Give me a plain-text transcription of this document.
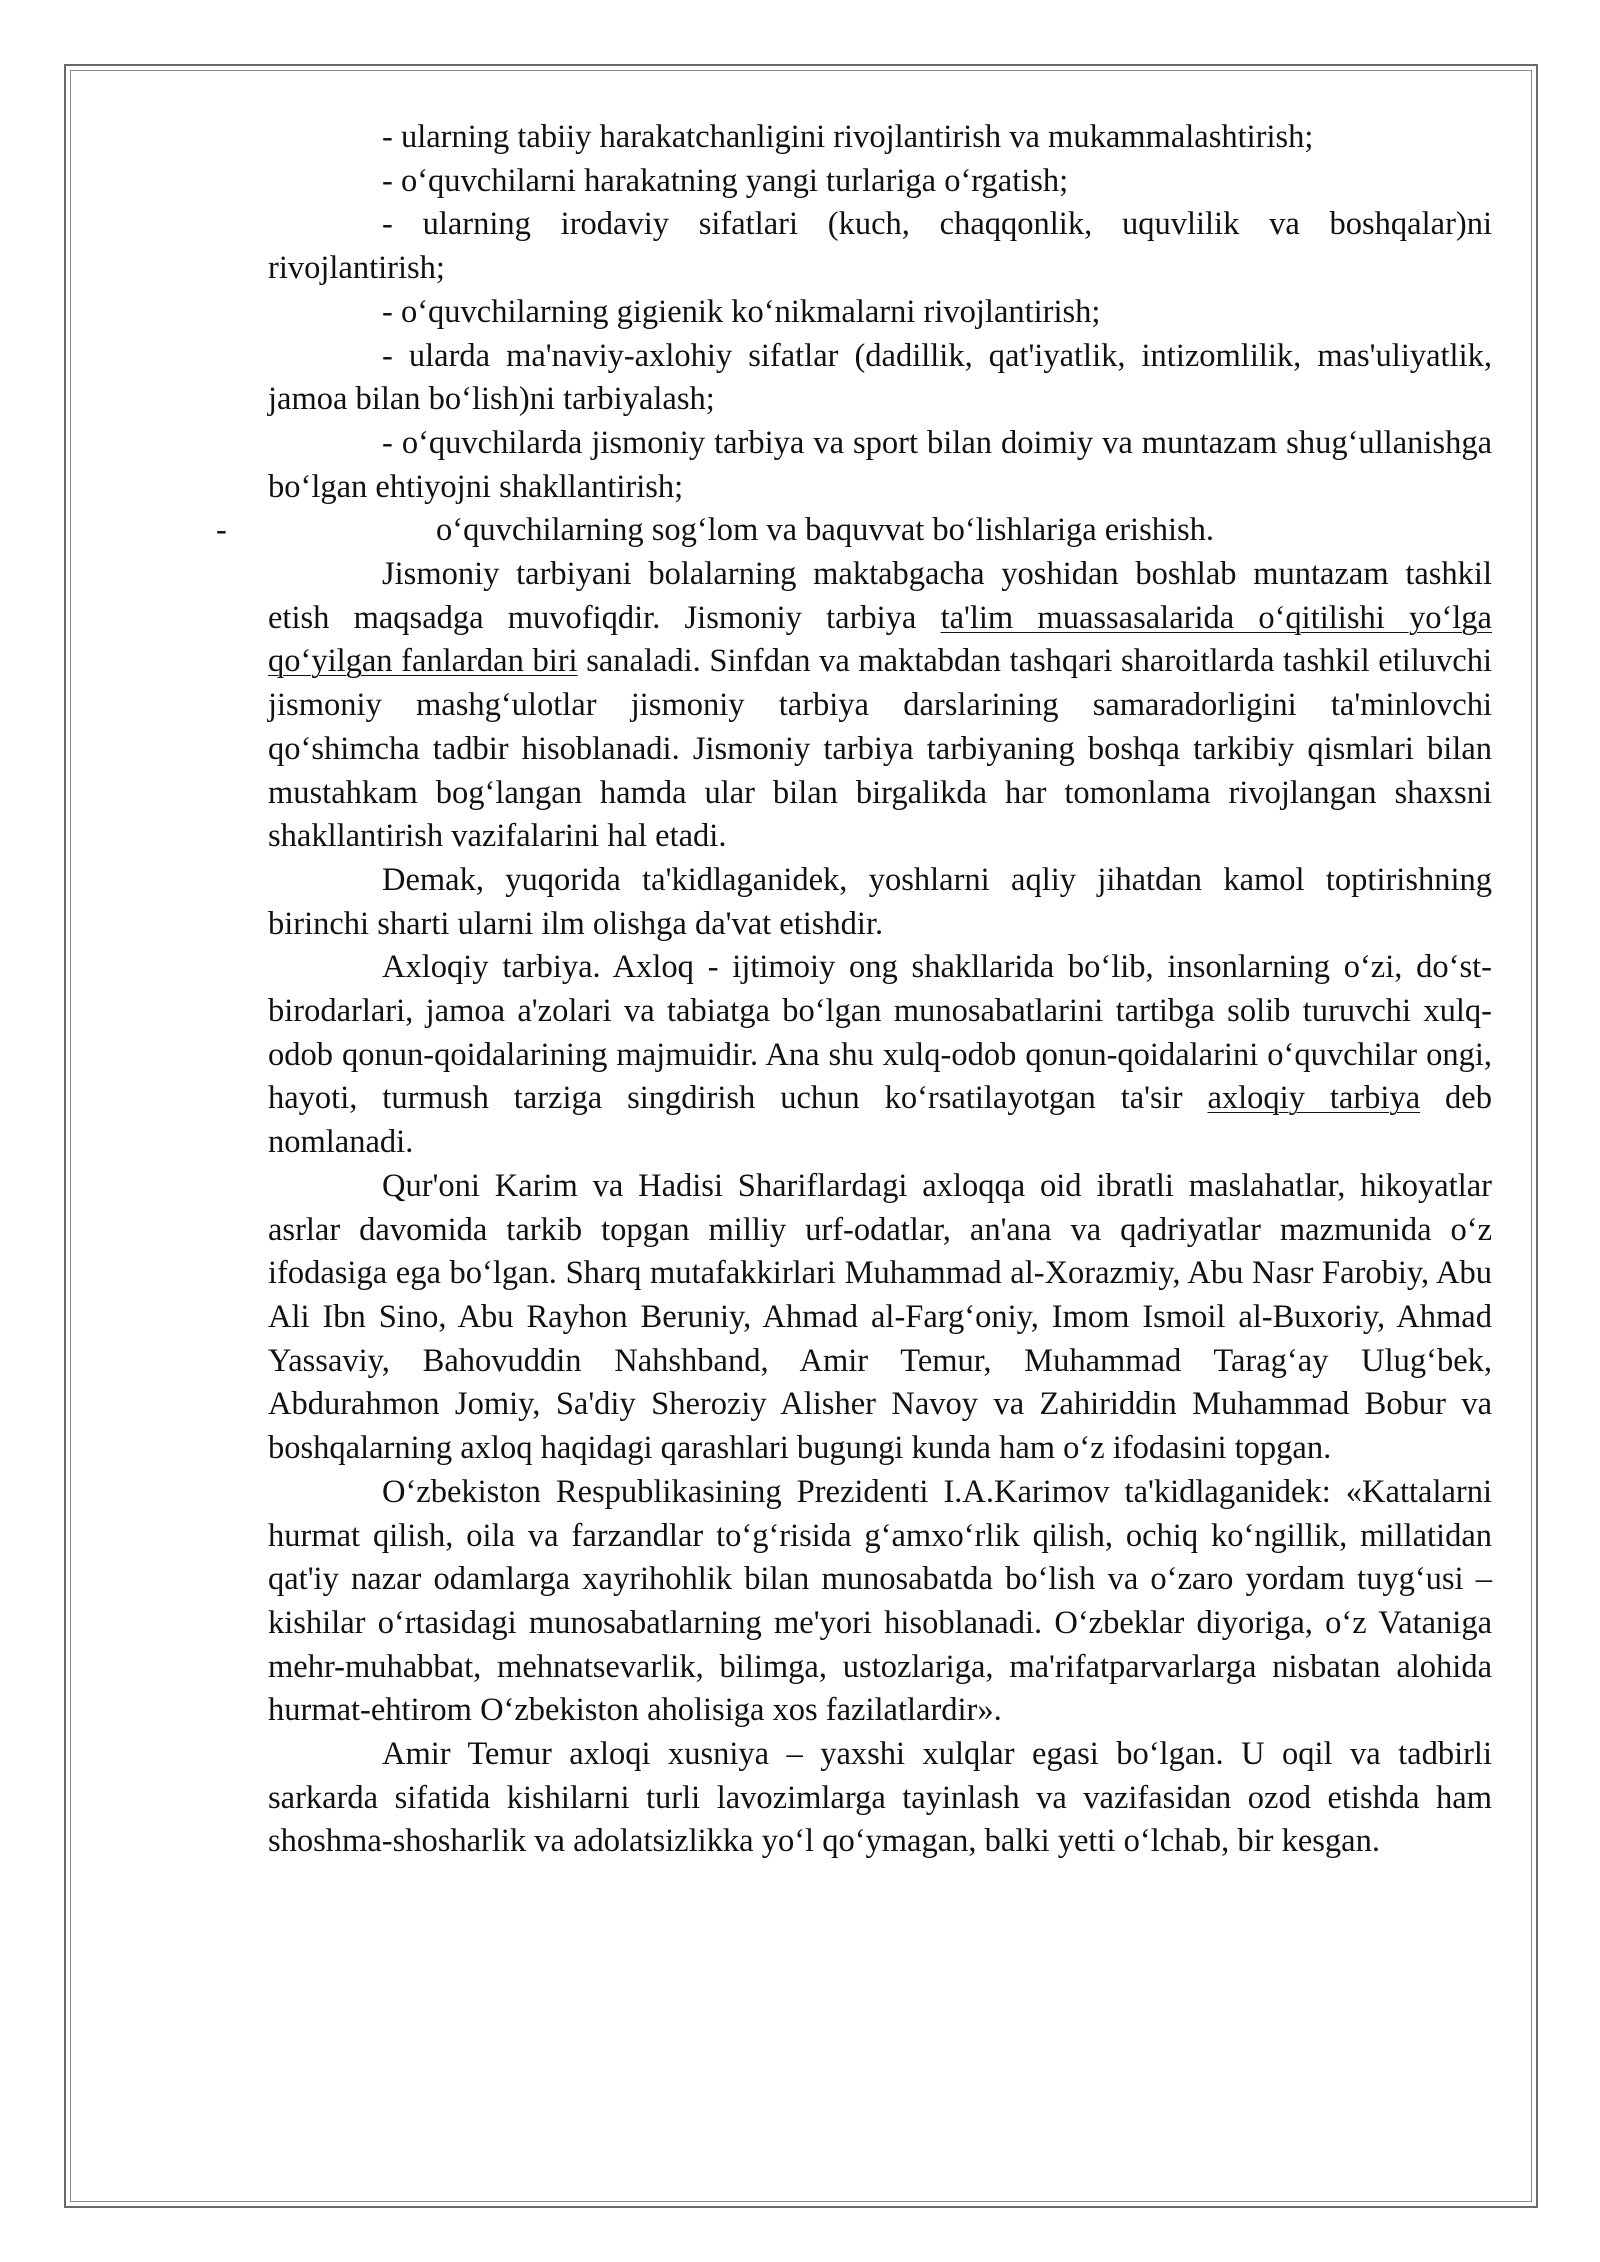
- ularning tabiiy harakatchanligini rivojlantirish va mukammalashtirish;

- o‘quvchilarni harakatning yangi turlariga o‘rgatish;

- ularning irodaviy sifatlari (kuch, chaqqonlik, uquvlilik va boshqalar)ni rivojlantirish;

- o‘quvchilarning gigienik ko‘nikmalarni rivojlantirish;

- ularda ma'naviy-axlohiy sifatlar (dadillik, qat'iyatlik, intizomlilik, mas'uliyatlik, jamoa bilan bo‘lish)ni tarbiyalash;

- o‘quvchilarda jismoniy tarbiya va sport bilan doimiy va muntazam shug‘ullanishga bo‘lgan ehtiyojni shakllantirish;

-	o‘quvchilarning sog‘lom va baquvvat bo‘lishlariga erishish.

Jismoniy tarbiyani bolalarning maktabgacha yoshidan boshlab muntazam tashkil etish maqsadga muvofiqdir. Jismoniy tarbiya ta'lim muassasalarida o‘qitilishi yo‘lga qo‘yilgan fanlardan biri sanaladi. Sinfdan va maktabdan tashqari sharoitlarda tashkil etiluvchi jismoniy mashg‘ulotlar jismoniy tarbiya darslarining samaradorligini ta'minlovchi qo‘shimcha tadbir hisoblanadi. Jismoniy tarbiya tarbiyaning boshqa tarkibiy qismlari bilan mustahkam bog‘langan hamda ular bilan birgalikda har tomonlama rivojlangan shaxsni shakllantirish vazifalarini hal etadi.

Demak, yuqorida ta'kidlaganidek, yoshlarni aqliy jihatdan kamol toptirishning birinchi sharti ularni ilm olishga da'vat etishdir.

Axloqiy tarbiya. Axloq - ijtimoiy ong shakllarida bo‘lib, insonlarning o‘zi, do‘st-birodarlari, jamoa a'zolari va tabiatga bo‘lgan munosabatlarini tartibga solib turuvchi xulq-odob qonun-qoidalarining majmuidir. Ana shu xulq-odob qonun-qoidalarini o‘quvchilar ongi, hayoti, turmush tarziga singdirish uchun ko‘rsatilayotgan ta'sir axloqiy tarbiya deb nomlanadi.

Qur'oni Karim va Hadisi Shariflardagi axloqqa oid ibratli maslahatlar, hikoyatlar asrlar davomida tarkib topgan milliy urf-odatlar, an'ana va qadriyatlar mazmunida o‘z ifodasiga ega bo‘lgan. Sharq mutafakkirlari Muhammad al-Xorazmiy, Abu Nasr Farobiy, Abu Ali Ibn Sino, Abu Rayhon Beruniy, Ahmad al-Farg‘oniy, Imom Ismoil al-Buxoriy, Ahmad Yassaviy, Bahovuddin Nahshband, Amir Temur, Muhammad Tarag‘ay Ulug‘bek, Abdurahmon Jomiy, Sa'diy Sheroziy Alisher Navoy va Zahiriddin Muhammad Bobur va boshqalarning axloq haqidagi qarashlari bugungi kunda ham o‘z ifodasini topgan.

O‘zbekiston Respublikasining Prezidenti I.A.Karimov ta'kidlaganidek: «Kattalarni hurmat qilish, oila va farzandlar to‘g‘risida g‘amxo‘rlik qilish, ochiq ko‘ngillik, millatidan qat'iy nazar odamlarga xayrihohlik bilan munosabatda bo‘lish va o‘zaro yordam tuyg‘usi – kishilar o‘rtasidagi munosabatlarning me'yori hisoblanadi. O‘zbeklar diyoriga, o‘z Vataniga mehr-muhabbat, mehnatsevarlik, bilimga, ustozlariga, ma'rifatparvarlarga nisbatan alohida hurmat-ehtirom O‘zbekiston aholisiga xos fazilatlardir».

Amir Temur axloqi xusniya – yaxshi xulqlar egasi bo‘lgan. U oqil va tadbirli sarkarda sifatida kishilarni turli lavozimlarga tayinlash va vazifasidan ozod etishda ham shoshma-shosharlik va adolatsizlikka yo‘l qo‘ymagan, balki yetti o‘lchab, bir kesgan.
